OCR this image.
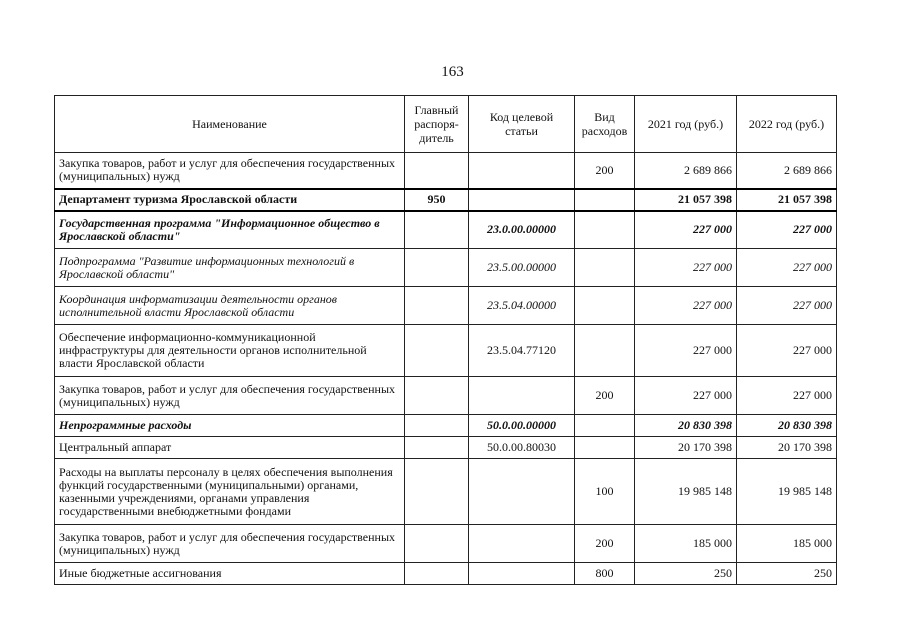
163
Наименование	Главный распоря-дитель	Код целевой статьи	Вид расходов	2021 год (руб.)	2022 год (руб.)
Закупка товаров, работ и услуг для обеспечения государственных (муниципальных) нужд			200	2 689 866	2 689 866
Департамент туризма Ярославской области	950			21 057 398	21 057 398
Государственная программа "Информационное общество в Ярославской области"		23.0.00.00000		227 000	227 000
Подпрограмма "Развитие информационных технологий в Ярославской области"		23.5.00.00000		227 000	227 000
Координация информатизации деятельности органов исполнительной власти Ярославской области		23.5.04.00000		227 000	227 000
Обеспечение информационно-коммуникационной инфраструктуры для деятельности органов исполнительной власти Ярославской области		23.5.04.77120		227 000	227 000
Закупка товаров, работ и услуг для обеспечения государственных (муниципальных) нужд			200	227 000	227 000
Непрограммные расходы		50.0.00.00000		20 830 398	20 830 398
Центральный аппарат		50.0.00.80030		20 170 398	20 170 398
Расходы на выплаты персоналу в целях обеспечения выполнения функций государственными (муниципальными) органами, казенными учреждениями, органами управления государственными внебюджетными фондами			100	19 985 148	19 985 148
Закупка товаров, работ и услуг для обеспечения государственных (муниципальных) нужд			200	185 000	185 000
Иные бюджетные ассигнования			800	250	250
